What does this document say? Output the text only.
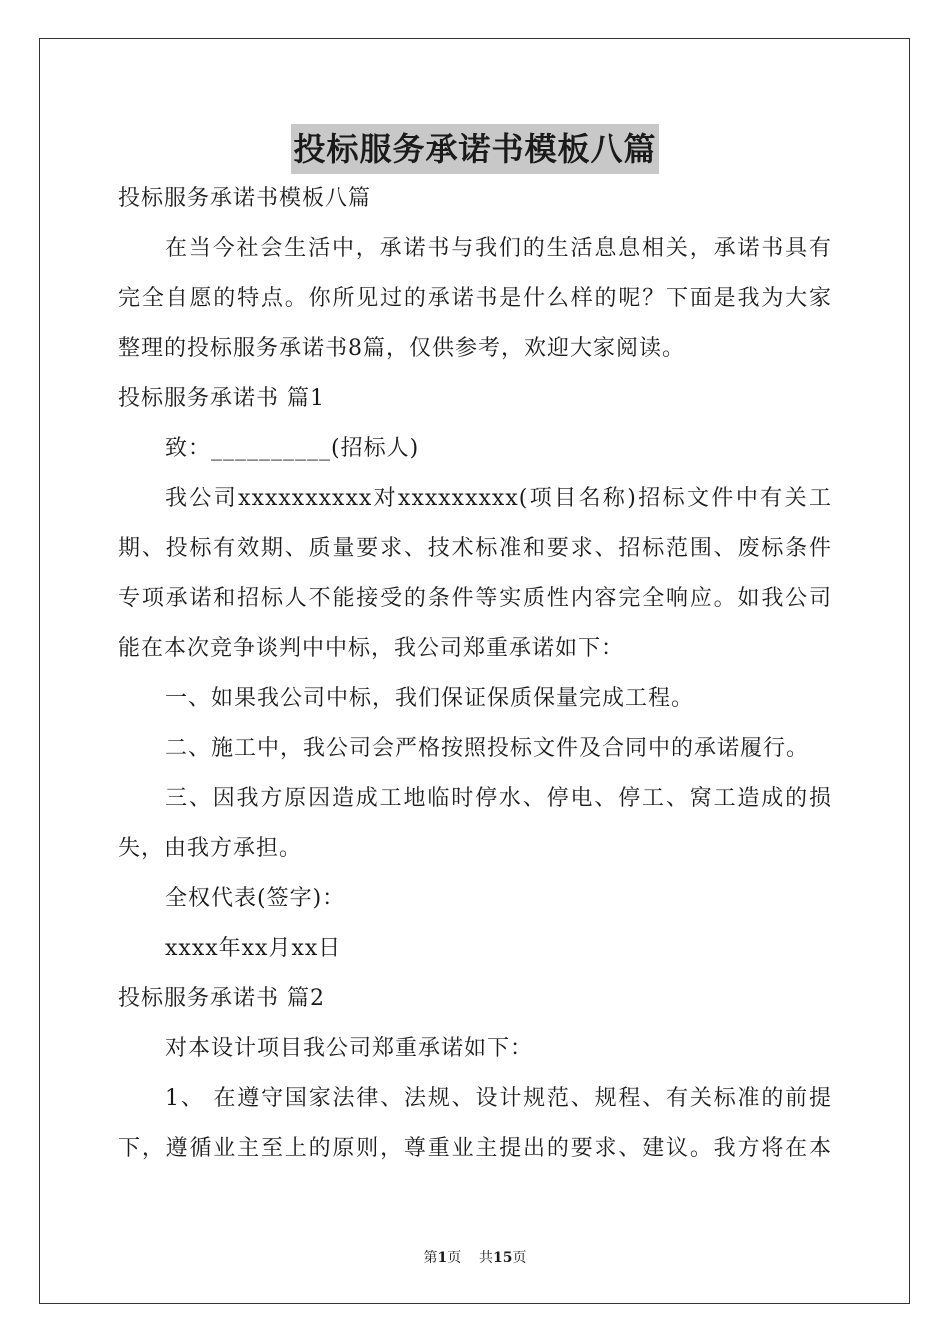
投标服务承诺书模板八篇
投标服务承诺书模板八篇
在当今社会生活中，承诺书与我们的生活息息相关，承诺书具有
完全自愿的特点。你所见过的承诺书是什么样的呢？下面是我为大家
整理的投标服务承诺书8篇，仅供参考，欢迎大家阅读。
投标服务承诺书 篇1
致：__________(招标人)
我公司xxxxxxxxxx对xxxxxxxxx(项目名称)招标文件中有关工
期、投标有效期、质量要求、技术标准和要求、招标范围、废标条件
专项承诺和招标人不能接受的条件等实质性内容完全响应。如我公司
能在本次竞争谈判中中标，我公司郑重承诺如下：
一、如果我公司中标，我们保证保质保量完成工程。
二、施工中，我公司会严格按照投标文件及合同中的承诺履行。
三、因我方原因造成工地临时停水、停电、停工、窝工造成的损
失，由我方承担。
全权代表(签字)：
xxxx年xx月xx日
投标服务承诺书 篇2
对本设计项目我公司郑重承诺如下：
1、 在遵守国家法律、法规、设计规范、规程、有关标准的前提
下，遵循业主至上的原则，尊重业主提出的要求、建议。我方将在本
第1页    共15页
